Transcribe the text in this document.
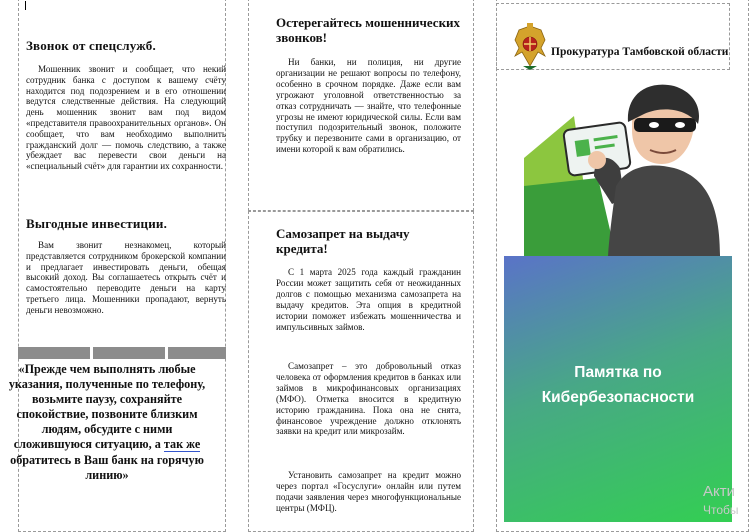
Звонок от спецслужб.

Мошенник звонит и сообщает, что некий сотрудник банка с доступом к вашему счёту находится под подозрением и в его отношении ведутся следственные действия. На следующий день мошенник звонит вам под видом «представителя правоохранительных органов». Он сообщает, что вам необходимо выполнить гражданский долг — помочь следствию, а также убеждает вас перевести свои деньги на «специальный счёт» для гарантии их сохранности.

Выгодные инвестиции.

Вам звонит незнакомец, который представляется сотрудником брокерской компании и предлагает инвестировать деньги, обещая высокий доход. Вы соглашаетесь открыть счёт и самостоятельно переводите деньги на карту третьего лица. Мошенники пропадают, вернуть деньги невозможно.

«Прежде чем выполнять любые указания, полученные по телефону, возьмите паузу, сохраняйте спокойствие, позвоните близким людям, обсудите с ними сложившуюся ситуацию, а так же обратитесь в Ваш банк на горячую линию»

Остерегайтесь мошеннических звонков!

Ни банки, ни полиция, ни другие организации не решают вопросы по телефону, особенно в срочном порядке. Даже если вам угрожают уголовной ответственностью за отказ сотрудничать — знайте, что телефонные угрозы не имеют юридической силы. Если вам поступил подозрительный звонок, положите трубку и перезвоните сами в организацию, от имени которой к вам обратились.

Самозапрет на выдачу кредита!

С 1 марта 2025 года каждый гражданин России может защитить себя от неожиданных долгов с помощью механизма самозапрета на выдачу кредитов. Эта опция в кредитной истории поможет избежать мошенничества и импульсивных займов.

Самозапрет – это добровольный отказ человека от оформления кредитов в банках или займов в микрофинансовых организациях (МФО). Отметка вносится в кредитную историю гражданина. Пока она не снята, финансовое учреждение должно отклонять заявки на кредит или микрозайм.

Установить самозапрет на кредит можно через портал «Госуслуги» онлайн или путем подачи заявления через многофункциональные центры (МФЦ).

Прокуратура Тамбовской области
Памятка по
Кибербезопасности
Акти
Чтобы
